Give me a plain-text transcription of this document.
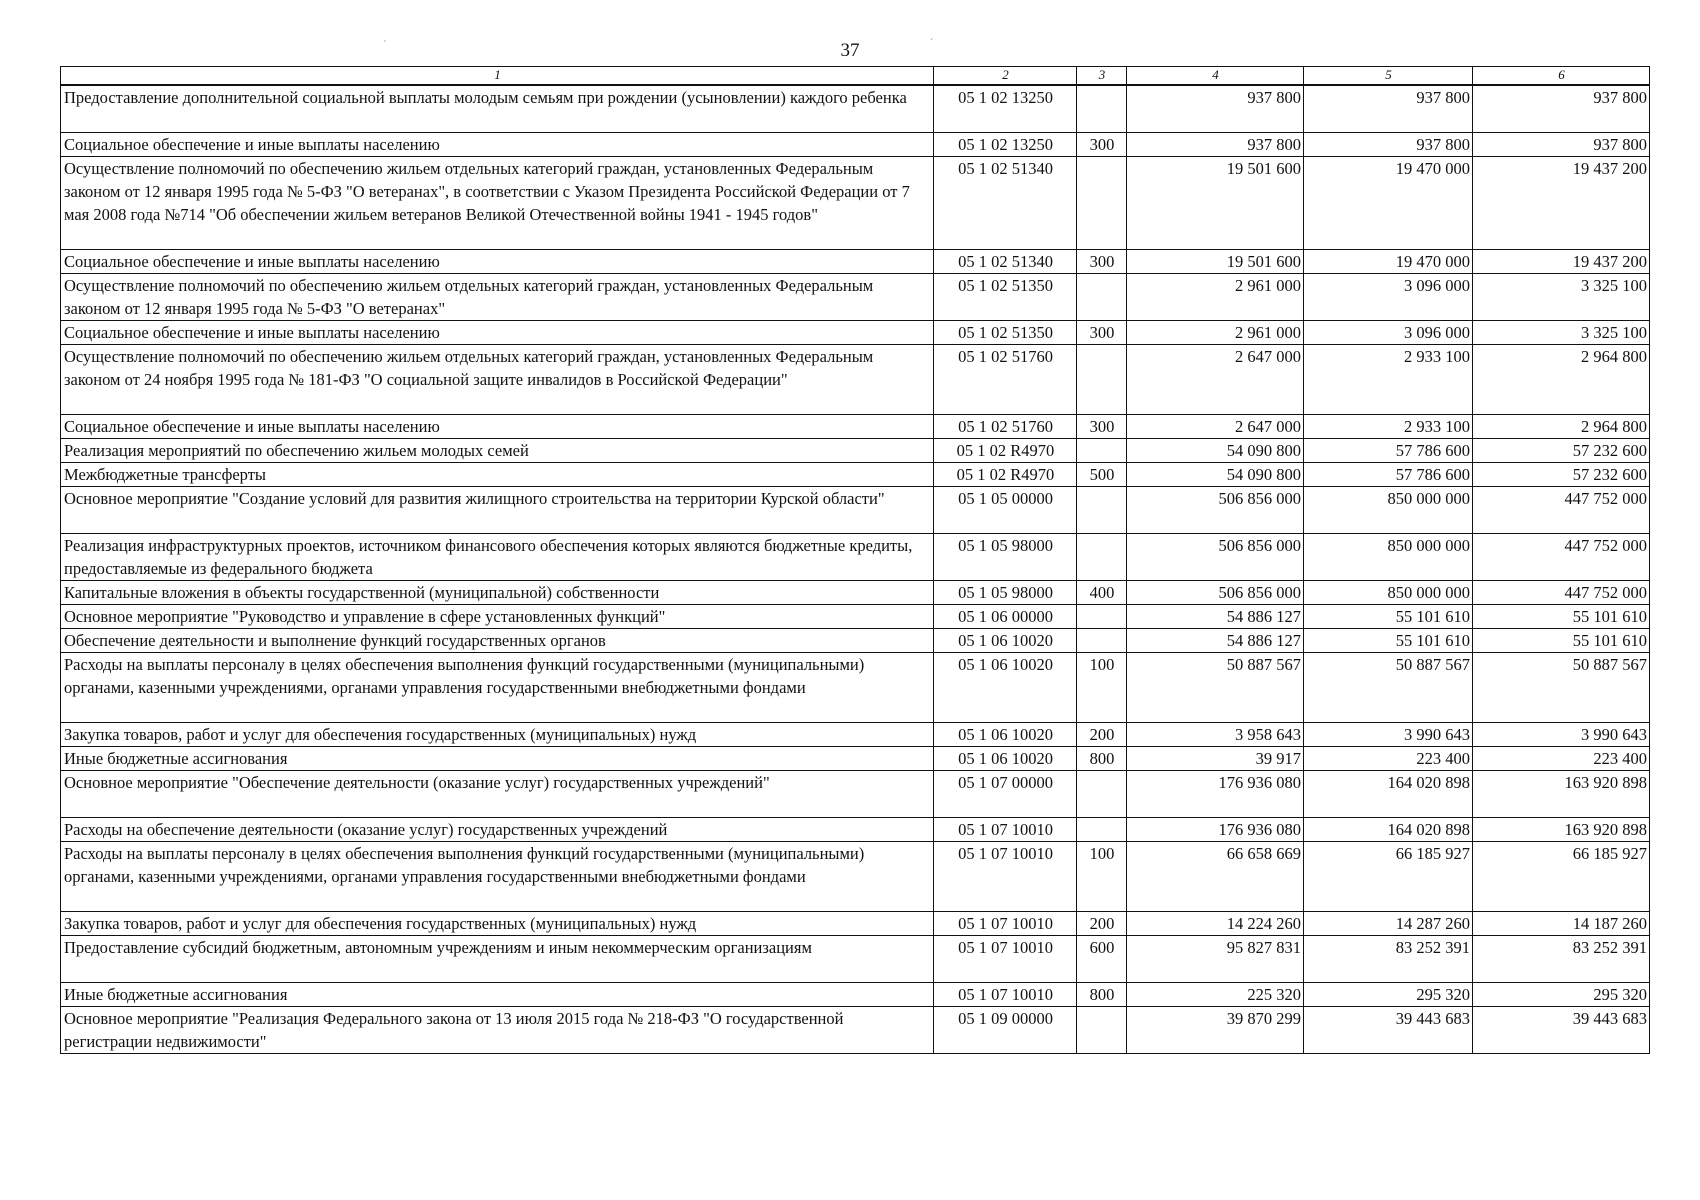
37
ˊ	ˊ
1	2	3	4	5	6
Предоставление дополнительной социальной выплаты молодым семьям при рождении (усыновлении) каждого ребенка	05 1 02 13250		937 800	937 800	937 800
Социальное обеспечение и иные выплаты населению	05 1 02 13250	300	937 800	937 800	937 800
Осуществление полномочий по обеспечению жильем отдельных категорий граждан, установленных Федеральным законом от 12 января 1995 года № 5-ФЗ "О ветеранах", в соответствии с Указом Президента Российской Федерации от 7 мая 2008 года №714 "Об обеспечении жильем ветеранов Великой Отечественной войны 1941 - 1945 годов"	05 1 02 51340		19 501 600	19 470 000	19 437 200
Социальное обеспечение и иные выплаты населению	05 1 02 51340	300	19 501 600	19 470 000	19 437 200
Осуществление полномочий по обеспечению жильем отдельных категорий граждан, установленных Федеральным законом от 12 января 1995 года № 5-ФЗ "О ветеранах"	05 1 02 51350		2 961 000	3 096 000	3 325 100
Социальное обеспечение и иные выплаты населению	05 1 02 51350	300	2 961 000	3 096 000	3 325 100
Осуществление полномочий по обеспечению жильем отдельных категорий граждан, установленных Федеральным законом от 24 ноября 1995 года № 181-ФЗ "О социальной защите инвалидов в Российской Федерации"	05 1 02 51760		2 647 000	2 933 100	2 964 800
Социальное обеспечение и иные выплаты населению	05 1 02 51760	300	2 647 000	2 933 100	2 964 800
Реализация мероприятий по обеспечению жильем молодых семей	05 1 02 R4970		54 090 800	57 786 600	57 232 600
Межбюджетные трансферты	05 1 02 R4970	500	54 090 800	57 786 600	57 232 600
Основное мероприятие "Создание условий для развития жилищного строительства на территории Курской области"	05 1 05 00000		506 856 000	850 000 000	447 752 000
Реализация инфраструктурных проектов, источником финансового обеспечения которых являются бюджетные кредиты, предоставляемые из федерального бюджета	05 1 05 98000		506 856 000	850 000 000	447 752 000
Капитальные вложения в объекты государственной (муниципальной) собственности	05 1 05 98000	400	506 856 000	850 000 000	447 752 000
Основное мероприятие "Руководство и управление в сфере установленных функций"	05 1 06 00000		54 886 127	55 101 610	55 101 610
Обеспечение деятельности и выполнение функций государственных органов	05 1 06 10020		54 886 127	55 101 610	55 101 610
Расходы на выплаты персоналу в целях обеспечения выполнения функций государственными (муниципальными) органами, казенными учреждениями, органами управления государственными внебюджетными фондами	05 1 06 10020	100	50 887 567	50 887 567	50 887 567
Закупка товаров, работ и услуг для обеспечения государственных (муниципальных) нужд	05 1 06 10020	200	3 958 643	3 990 643	3 990 643
Иные бюджетные ассигнования	05 1 06 10020	800	39 917	223 400	223 400
Основное мероприятие "Обеспечение деятельности (оказание услуг) государственных учреждений"	05 1 07 00000		176 936 080	164 020 898	163 920 898
Расходы на обеспечение деятельности (оказание услуг) государственных учреждений	05 1 07 10010		176 936 080	164 020 898	163 920 898
Расходы на выплаты персоналу в целях обеспечения выполнения функций государственными (муниципальными) органами, казенными учреждениями, органами управления государственными внебюджетными фондами	05 1 07 10010	100	66 658 669	66 185 927	66 185 927
Закупка товаров, работ и услуг для обеспечения государственных (муниципальных) нужд	05 1 07 10010	200	14 224 260	14 287 260	14 187 260
Предоставление субсидий бюджетным, автономным учреждениям и иным некоммерческим организациям	05 1 07 10010	600	95 827 831	83 252 391	83 252 391
Иные бюджетные ассигнования	05 1 07 10010	800	225 320	295 320	295 320
Основное мероприятие "Реализация Федерального закона от 13 июля 2015 года № 218-ФЗ "О государственной регистрации недвижимости"	05 1 09 00000		39 870 299	39 443 683	39 443 683
